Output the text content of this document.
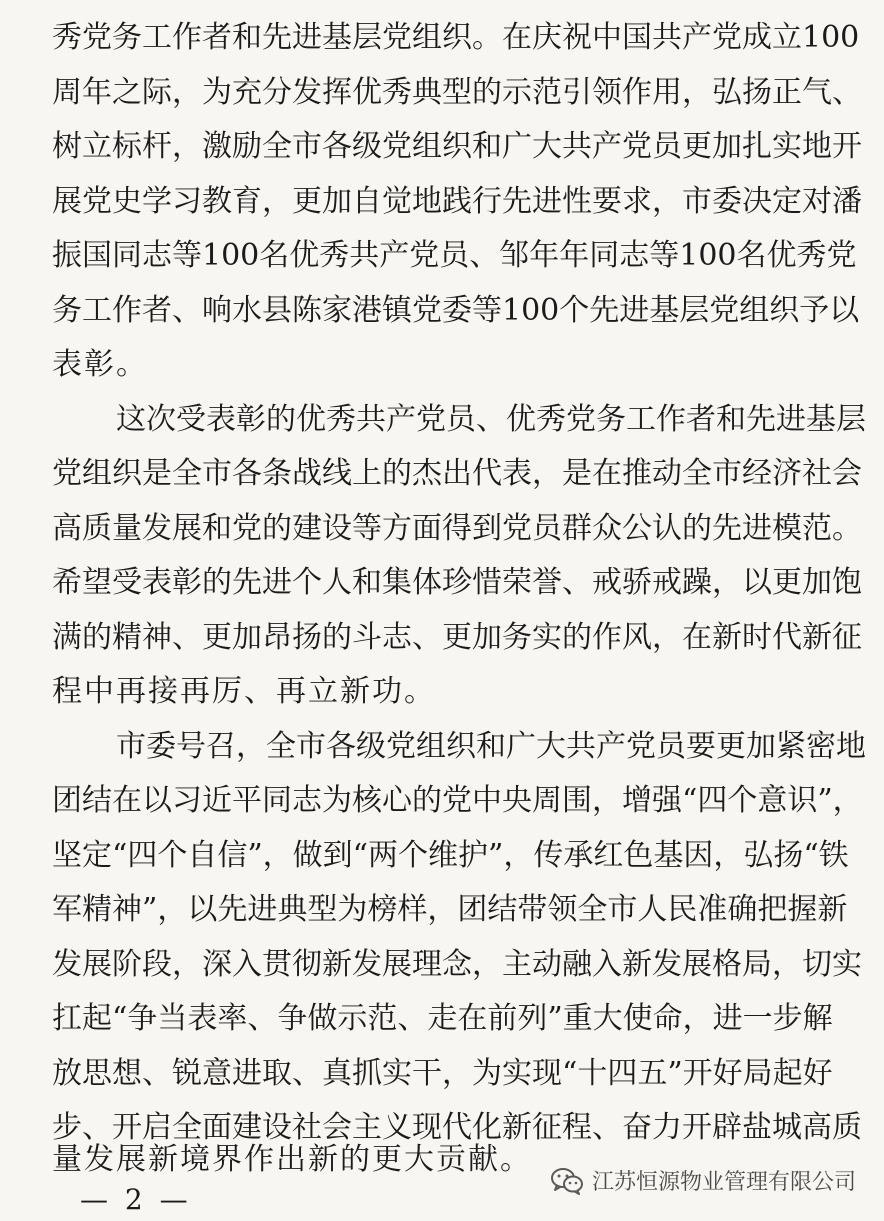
秀党务工作者和先进基层党组织。在庆祝中国共产党成立100
周年之际，为充分发挥优秀典型的示范引领作用，弘扬正气、
树立标杆，激励全市各级党组织和广大共产党员更加扎实地开
展党史学习教育，更加自觉地践行先进性要求，市委决定对潘
振国同志等100名优秀共产党员、邹年年同志等100名优秀党
务工作者、响水县陈家港镇党委等100个先进基层党组织予以
表彰。
这次受表彰的优秀共产党员、优秀党务工作者和先进基层
党组织是全市各条战线上的杰出代表，是在推动全市经济社会
高质量发展和党的建设等方面得到党员群众公认的先进模范。
希望受表彰的先进个人和集体珍惜荣誉、戒骄戒躁，以更加饱
满的精神、更加昂扬的斗志、更加务实的作风，在新时代新征
程中再接再厉、再立新功。
市委号召，全市各级党组织和广大共产党员要更加紧密地
团结在以习近平同志为核心的党中央周围，增强“四个意识”，
坚定“四个自信”，做到“两个维护”，传承红色基因，弘扬“铁
军精神”，以先进典型为榜样，团结带领全市人民准确把握新
发展阶段，深入贯彻新发展理念，主动融入新发展格局，切实
扛起“争当表率、争做示范、走在前列”重大使命，进一步解
放思想、锐意进取、真抓实干，为实现“十四五”开好局起好
步、开启全面建设社会主义现代化新征程、奋力开辟盐城高质
量发展新境界作出新的更大贡献。
— 2 —
江苏恒源物业管理有限公司
